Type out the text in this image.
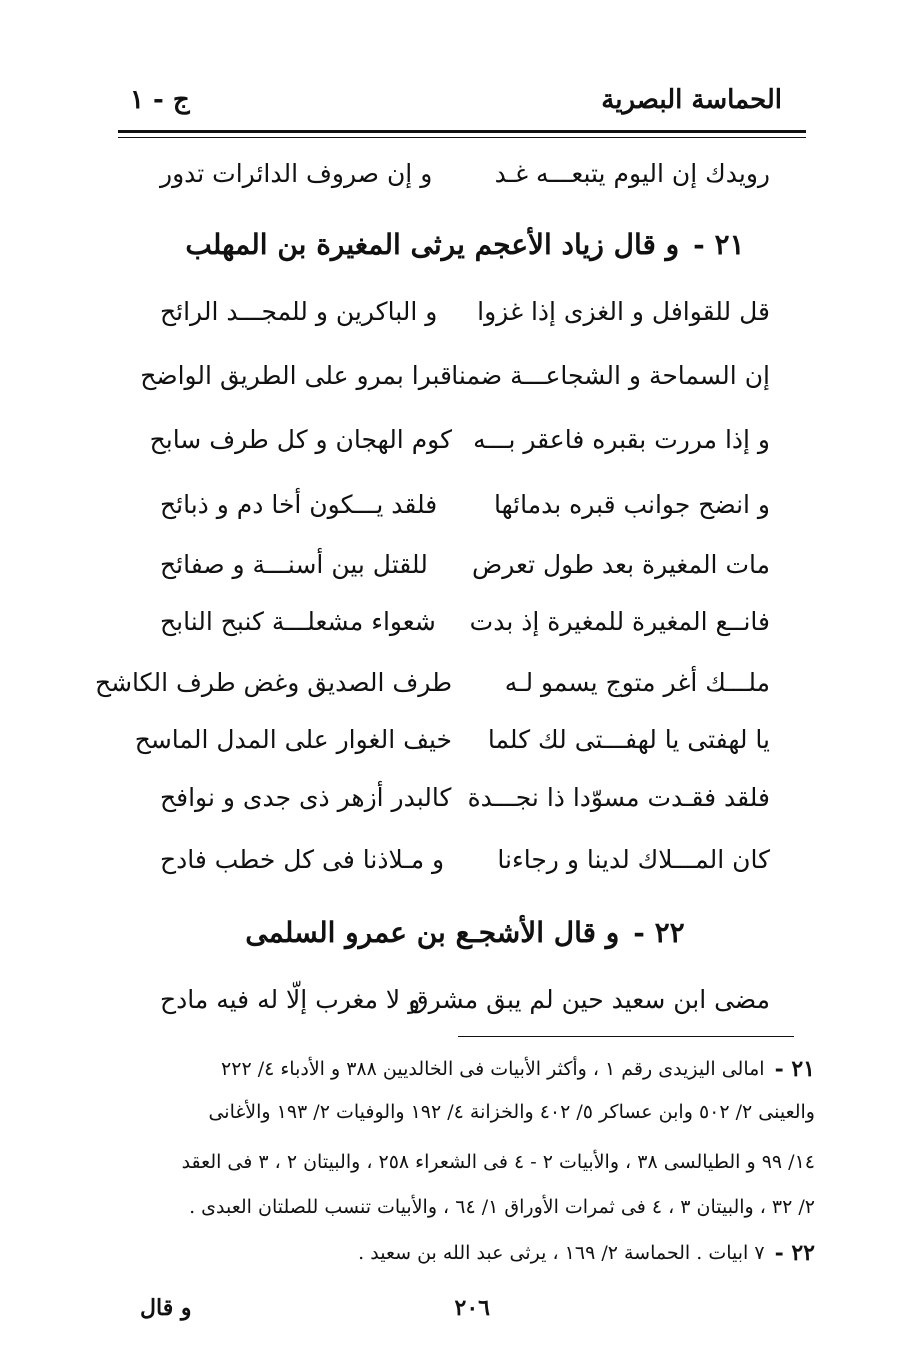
الحماسة البصرية
ج - ١
رويدك إن اليوم يتبعـــه غـد
و إن صروف الدائرات تدور
٢١ -
و قال زياد الأعجم يرثى المغيرة بن المهلب
قل للقوافل و الغزى إذا غزوا
و الباكرين و للمجـــد الرائح
إن السماحة و الشجاعـــة ضمنا
قبرا بمرو على الطريق الواضح
و إذا مررت بقبره فاعقر بـــه
كوم الهجان و كل طرف سابح
و انضح جوانب قبره بدمائها
فلقد يـــكون أخا دم و ذبائح
مات المغيرة بعد طول تعرض
للقتل بين أسنـــة و صفائح
فانــع المغيرة للمغيرة إذ بدت
شعواء مشعلـــة كنبح النابح
ملـــك أغر متوج يسمو لـه
طرف الصديق وغض طرف الكاشح
يا لهفتى يا لهفـــتى لك كلما
خيف الغوار على المدل الماسح
فلقد فقـدت مسوّدا ذا نجـــدة
كالبدر أزهر ذى جدى و نوافح
كان المـــلاك لدينا و رجاءنا
و مـلاذنا فى كل خطب فادح
٢٢ -
و قال الأشجـع بن عمرو السلمى
مضى ابن سعيد حين لم يبق مشرق
و لا مغرب إلّا له فيه مادح
٢١ -
امالى اليزيدى رقم ١ ، وأكثر الأبيات فى الخالديين ٣٨٨ و الأدباء ٤/ ٢٢٢
والعينى ٢/ ٥٠٢ وابن عساكر ٥/ ٤٠٢ والخزانة ٤/ ١٩٢ والوفيات ٢/ ١٩٣ والأغانى
١٤/ ٩٩ و الطيالسى ٣٨ ، والأبيات ٢ - ٤ فى الشعراء ٢٥٨ ، والبيتان ٢ ، ٣ فى العقد
٢/ ٣٢ ، والبيتان ٣ ، ٤ فى ثمرات الأوراق ١/ ٦٤ ، والأبيات تنسب للصلتان العبدى .
٢٢ -
٧ ابيات . الحماسة ٢/ ١٦٩ ، يرثى عبد الله بن سعيد .
و قال	٢٠٦
